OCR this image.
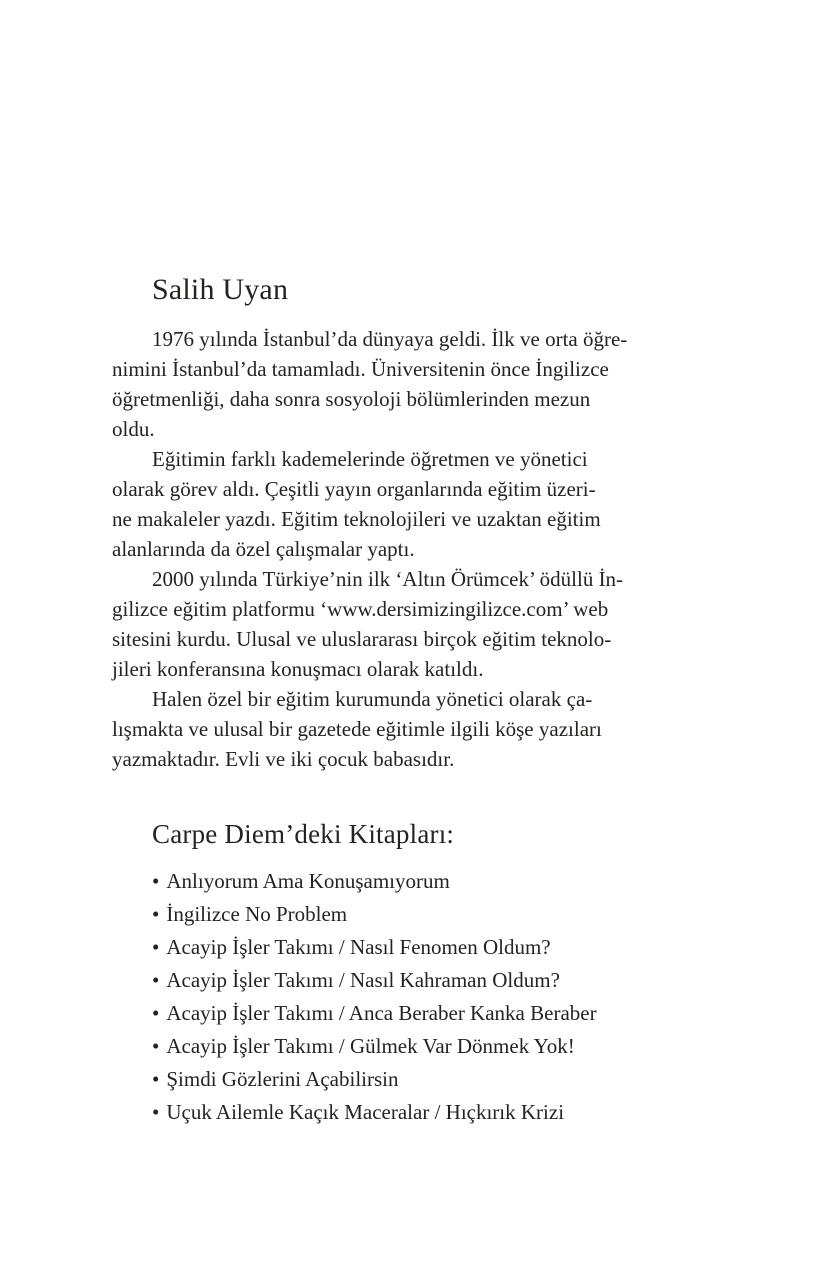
Salih Uyan
1976 yılında İstanbul’da dünyaya geldi. İlk ve orta öğre-
nimini İstanbul’da tamamladı. Üniversitenin önce İngilizce
öğretmenliği, daha sonra sosyoloji bölümlerinden mezun
oldu.
Eğitimin farklı kademelerinde öğretmen ve yönetici
olarak görev aldı. Çeşitli yayın organlarında eğitim üzeri-
ne makaleler yazdı. Eğitim teknolojileri ve uzaktan eğitim
alanlarında da özel çalışmalar yaptı.
2000 yılında Türkiye’nin ilk ‘Altın Örümcek’ ödüllü İn-
gilizce eğitim platformu ‘www.dersimizingilizce.com’ web
sitesini kurdu. Ulusal ve uluslararası birçok eğitim teknolo-
jileri konferansına konuşmacı olarak katıldı.
Halen özel bir eğitim kurumunda yönetici olarak ça-
lışmakta ve ulusal bir gazetede eğitimle ilgili köşe yazıları
yazmaktadır. Evli ve iki çocuk babasıdır.
Carpe Diem’deki Kitapları:
• Anlıyorum Ama Konuşamıyorum
• İngilizce No Problem
• Acayip İşler Takımı / Nasıl Fenomen Oldum?
• Acayip İşler Takımı / Nasıl Kahraman Oldum?
• Acayip İşler Takımı / Anca Beraber Kanka Beraber
• Acayip İşler Takımı / Gülmek Var Dönmek Yok!
• Şimdi Gözlerini Açabilirsin
• Uçuk Ailemle Kaçık Maceralar / Hıçkırık Krizi
